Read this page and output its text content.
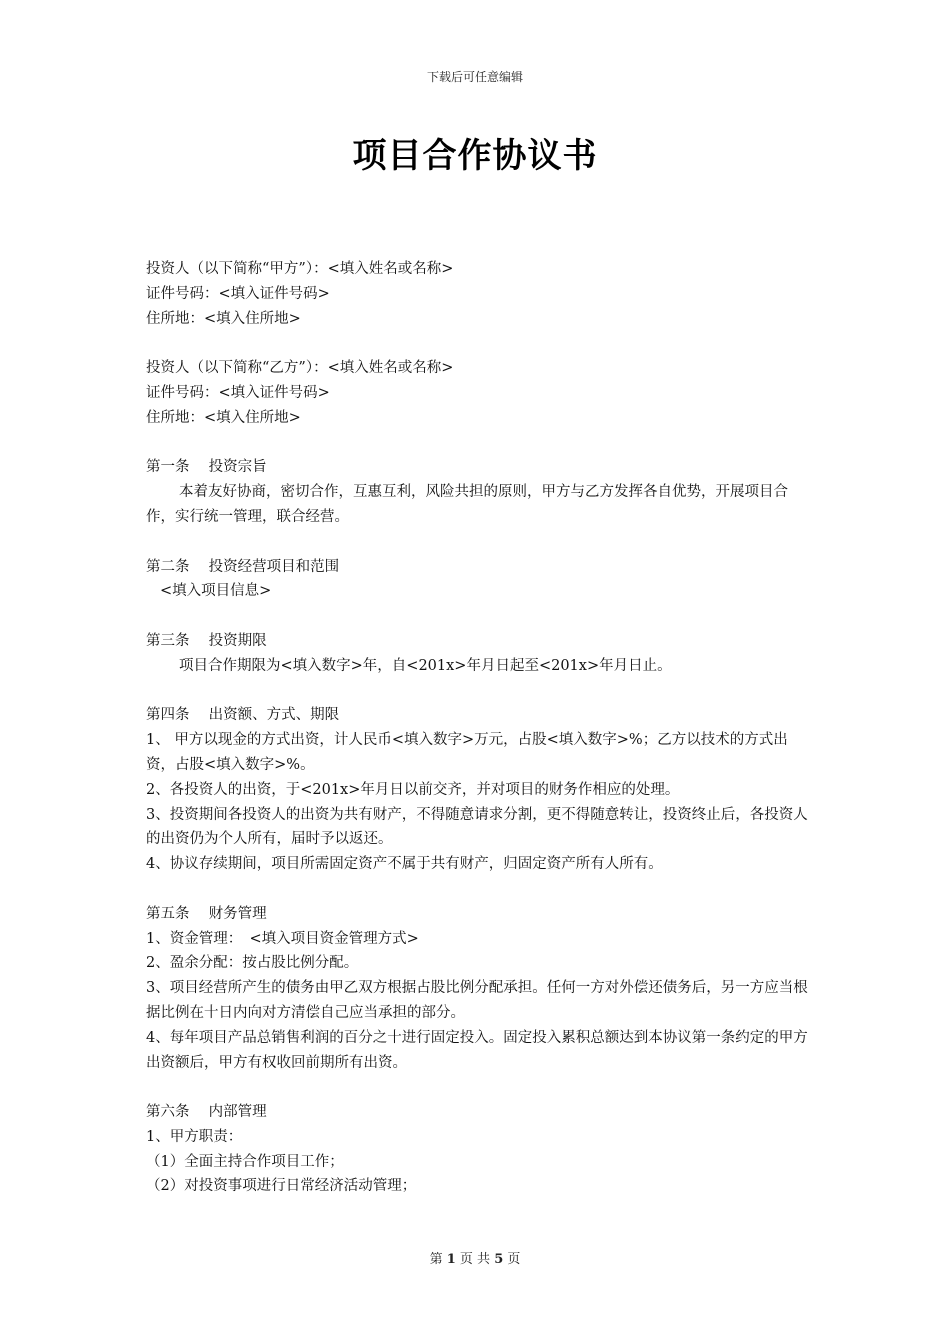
下载后可任意编辑
项目合作协议书
投资人（以下简称“甲方”）：<填入姓名或名称>
证件号码：<填入证件号码>
住所地：<填入住所地>
投资人（以下简称“乙方”）：<填入姓名或名称>
证件号码：<填入证件号码>
住所地：<填入住所地>
第一条　 投资宗旨
本着友好协商，密切合作，互惠互利，风险共担的原则，甲方与乙方发挥各自优势，开展项目合作，实行统一管理，联合经营。
第二条　 投资经营项目和范围
<填入项目信息>
第三条　 投资期限
项目合作期限为<填入数字>年，自<201x>年月日起至<201x>年月日止。
第四条　 出资额、方式、期限
1、 甲方以现金的方式出资，计人民币<填入数字>万元，占股<填入数字>%；乙方以技术的方式出资，占股<填入数字>%。
2、各投资人的出资，于<201x>年月日以前交齐，并对项目的财务作相应的处理。
3、投资期间各投资人的出资为共有财产，不得随意请求分割，更不得随意转让，投资终止后，各投资人的出资仍为个人所有，届时予以返还。
4、协议存续期间，项目所需固定资产不属于共有财产，归固定资产所有人所有。
第五条　 财务管理
1、资金管理：　<填入项目资金管理方式>
2、盈余分配：按占股比例分配。
3、项目经营所产生的债务由甲乙双方根据占股比例分配承担。任何一方对外偿还债务后，另一方应当根据比例在十日内向对方清偿自己应当承担的部分。
4、每年项目产品总销售利润的百分之十进行固定投入。固定投入累积总额达到本协议第一条约定的甲方出资额后，甲方有权收回前期所有出资。
第六条　 内部管理
1、甲方职责：
（1）全面主持合作项目工作；
（2）对投资事项进行日常经济活动管理；
第 1 页 共 5 页
